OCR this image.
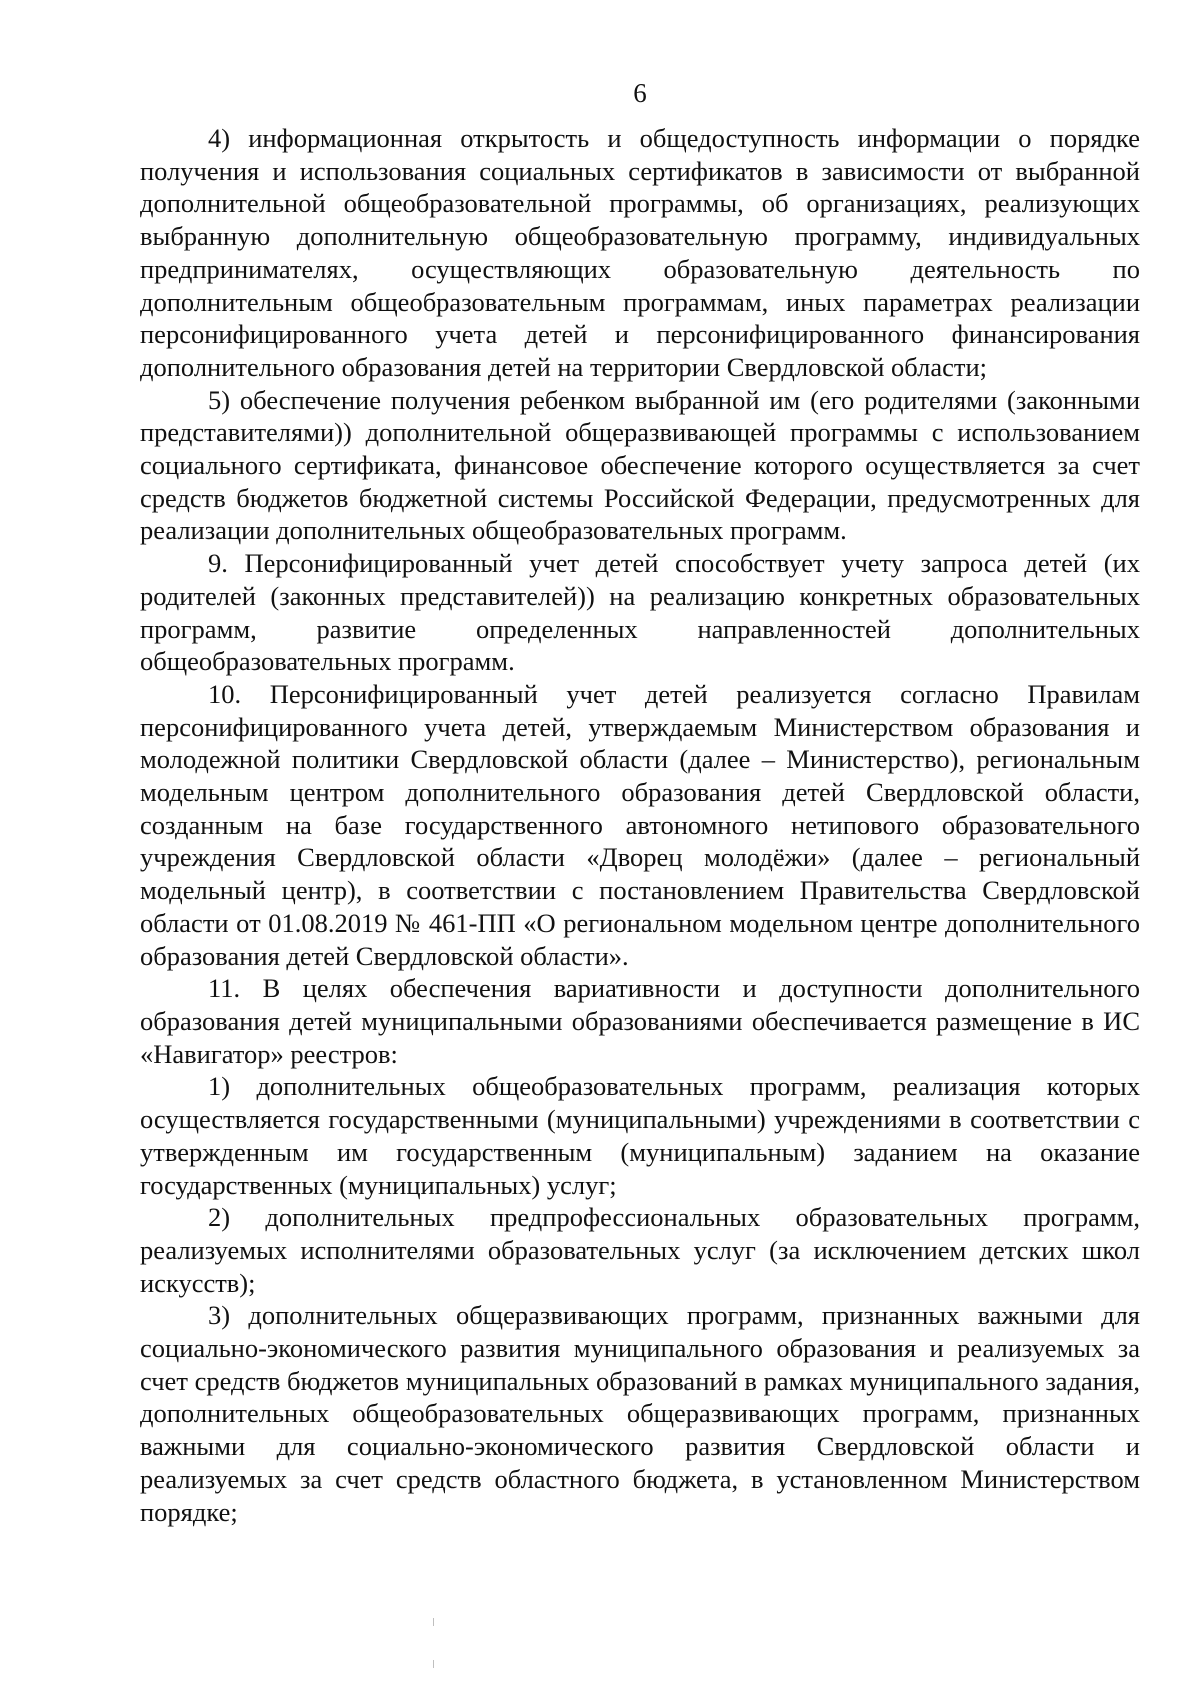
6

4) информационная открытость и общедоступность информации о порядке получения и использования социальных сертификатов в зависимости от выбранной дополнительной общеобразовательной программы, об организациях, реализующих выбранную дополнительную общеобразовательную программу, индивидуальных предпринимателях, осуществляющих образовательную деятельность по дополнительным общеобразовательным программам, иных параметрах реализации персонифицированного учета детей и персонифицированного финансирования дополнительного образования детей на территории Свердловской области;

5) обеспечение получения ребенком выбранной им (его родителями (законными представителями)) дополнительной общеразвивающей программы с использованием социального сертификата, финансовое обеспечение которого осуществляется за счет средств бюджетов бюджетной системы Российской Федерации, предусмотренных для реализации дополнительных общеобразовательных программ.

9. Персонифицированный учет детей способствует учету запроса детей (их родителей (законных представителей)) на реализацию конкретных образовательных программ, развитие определенных направленностей дополнительных общеобразовательных программ.

10. Персонифицированный учет детей реализуется согласно Правилам персонифицированного учета детей, утверждаемым Министерством образования и молодежной политики Свердловской области (далее – Министерство), региональным модельным центром дополнительного образования детей Свердловской области, созданным на базе государственного автономного нетипового образовательного учреждения Свердловской области «Дворец молодёжи» (далее – региональный модельный центр), в соответствии с постановлением Правительства Свердловской области от 01.08.2019 № 461-ПП «О региональном модельном центре дополнительного образования детей Свердловской области».

11. В целях обеспечения вариативности и доступности дополнительного образования детей муниципальными образованиями обеспечивается размещение в ИС «Навигатор» реестров:

1) дополнительных общеобразовательных программ, реализация которых осуществляется государственными (муниципальными) учреждениями в соответствии с утвержденным им государственным (муниципальным) заданием на оказание государственных (муниципальных) услуг;

2) дополнительных предпрофессиональных образовательных программ, реализуемых исполнителями образовательных услуг (за исключением детских школ искусств);

3) дополнительных общеразвивающих программ, признанных важными для социально-экономического развития муниципального образования и реализуемых за счет средств бюджетов муниципальных образований в рамках муниципального задания, дополнительных общеобразовательных общеразвивающих программ, признанных важными для социально-экономического развития Свердловской области и реализуемых за счет средств областного бюджета, в установленном Министерством порядке;
